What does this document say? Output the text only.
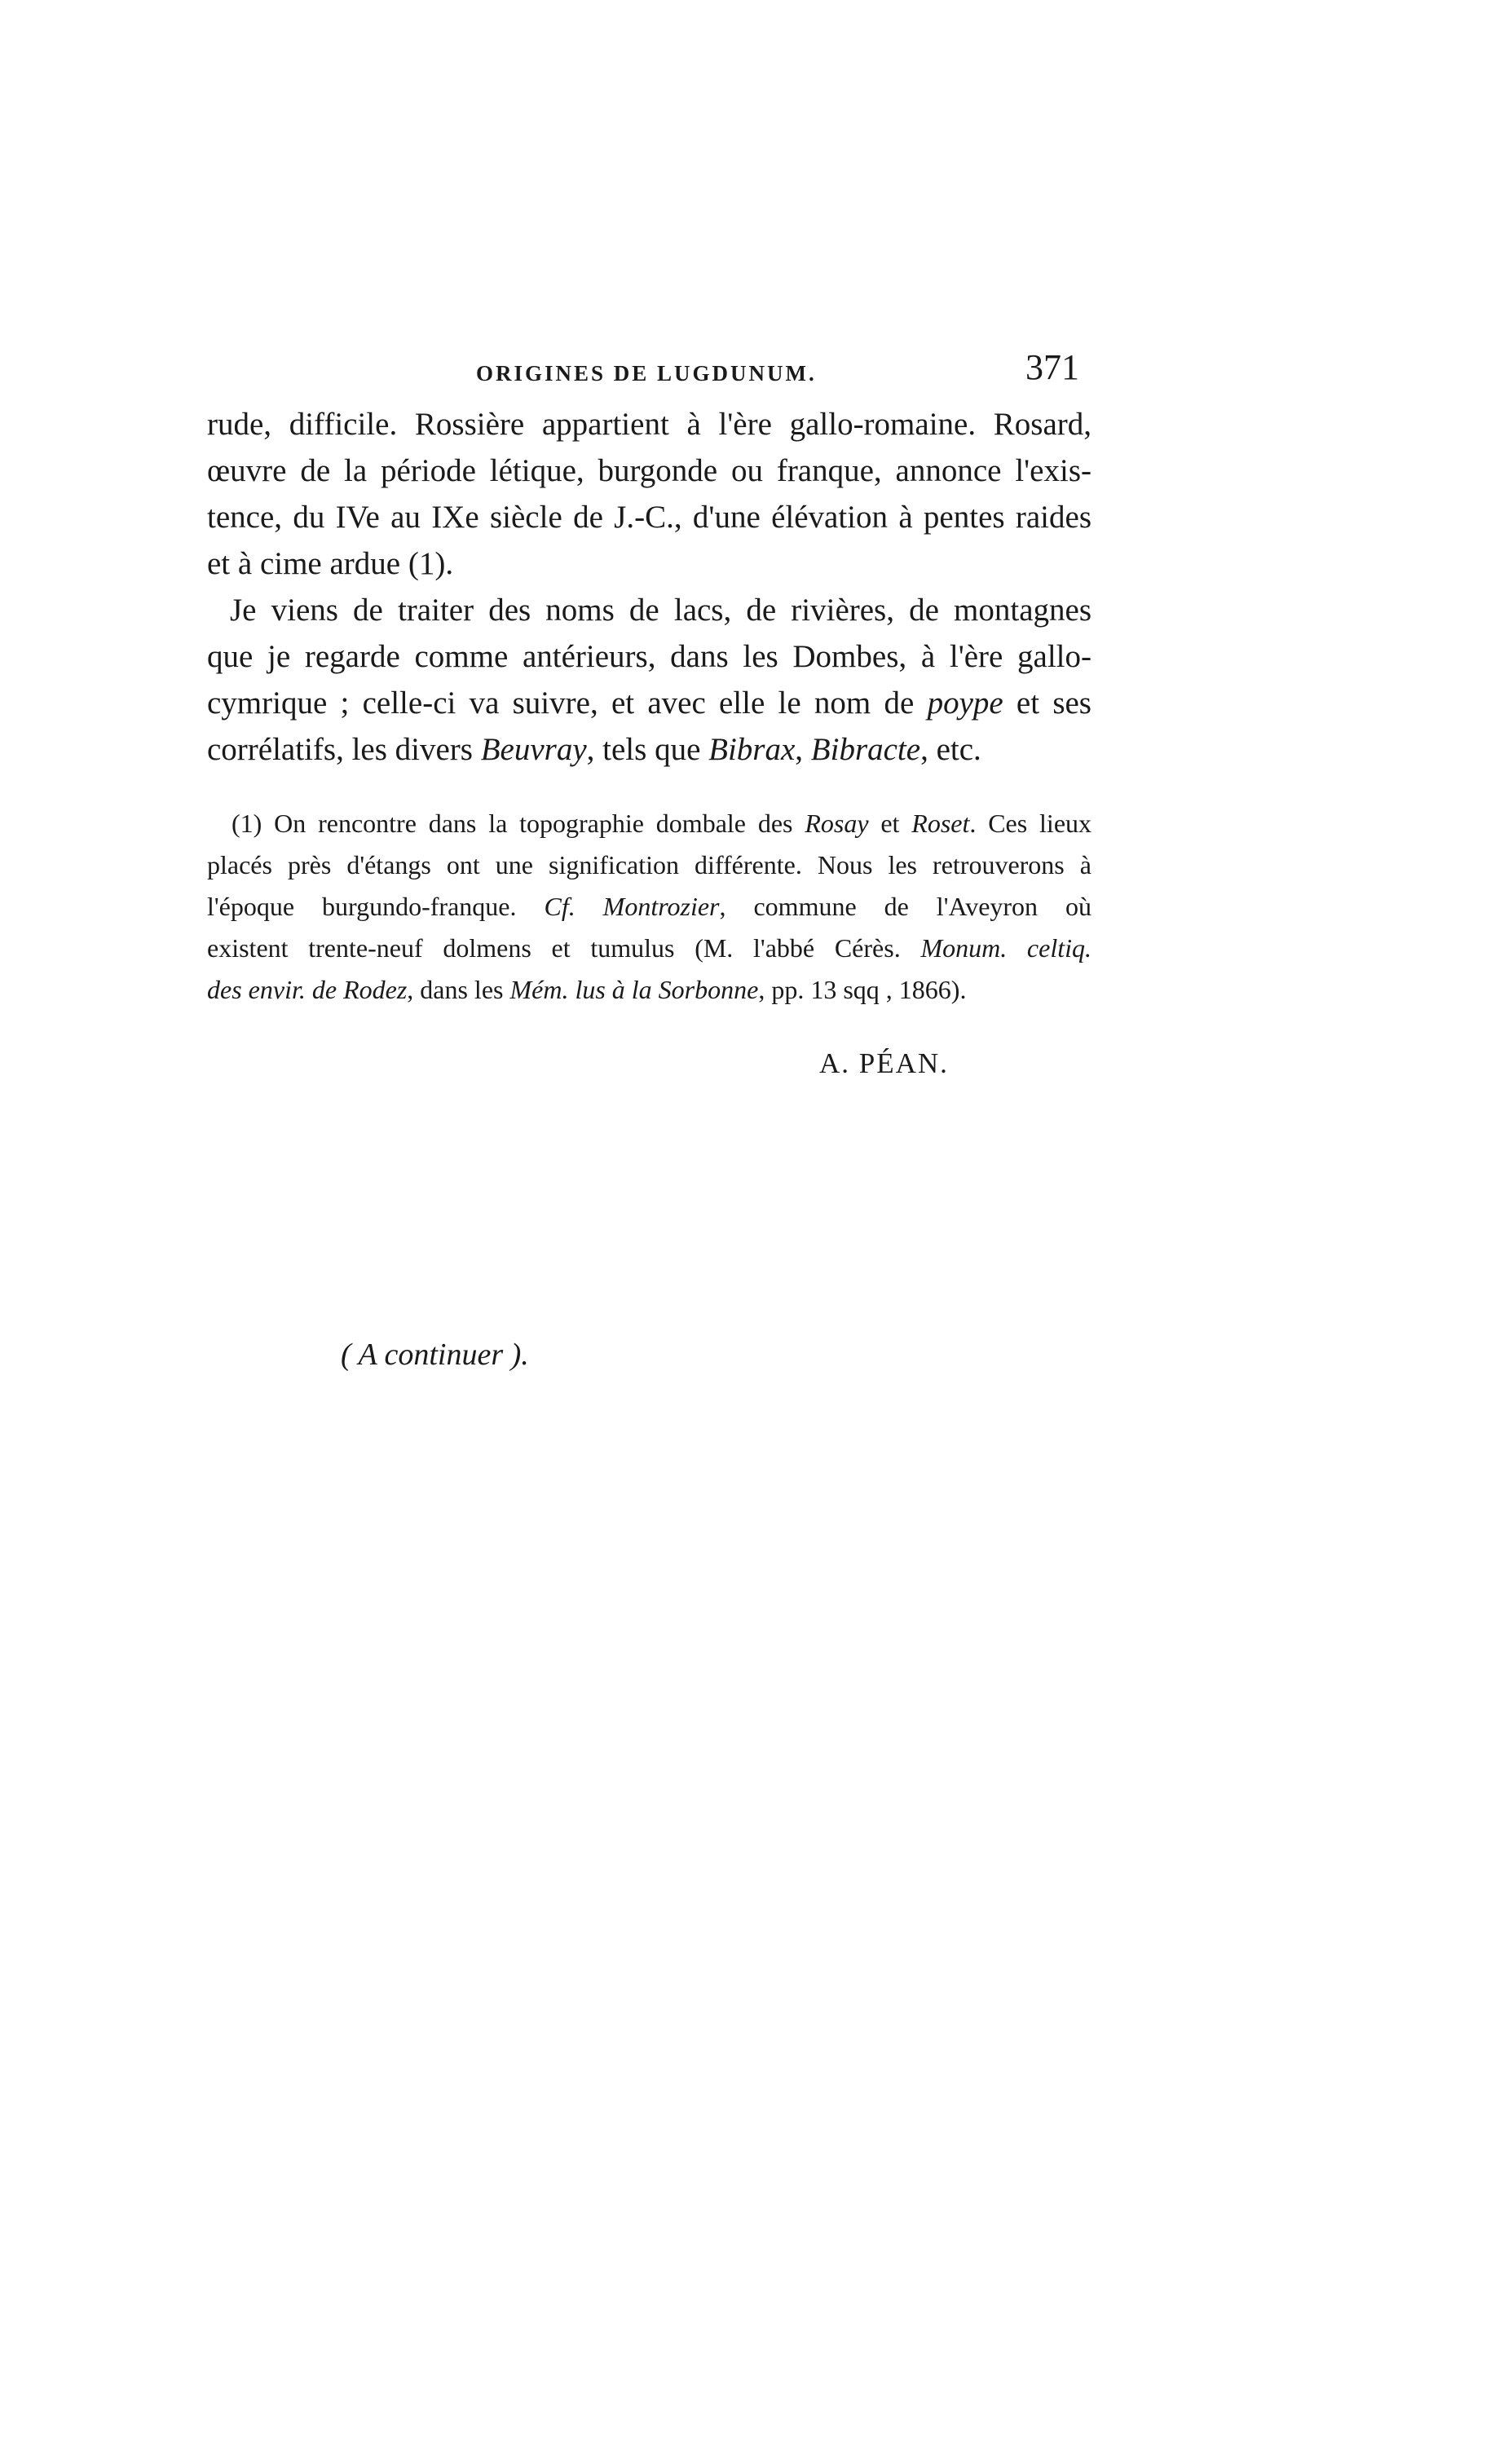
ORIGINES DE LUGDUNUM.	371
rude, difficile. Rossière appartient à l'ère gallo-romaine. Rosard,
œuvre de la période létique, burgonde ou franque, annonce l'exis-
tence, du IVe au IXe siècle de J.-C., d'une élévation à pentes raides
et à cime ardue (1).
Je viens de traiter des noms de lacs, de rivières, de montagnes
que je regarde comme antérieurs, dans les Dombes, à l'ère gallo-
cymrique ; celle-ci va suivre, et avec elle le nom de poype et ses
corrélatifs, les divers Beuvray, tels que Bibrax, Bibracte, etc.
(1) On rencontre dans la topographie dombale des Rosay et Roset. Ces lieux
placés près d'étangs ont une signification différente. Nous les retrouverons à
l'époque burgundo-franque. Cf. Montrozier, commune de l'Aveyron où
existent trente-neuf dolmens et tumulus (M. l'abbé Cérès. Monum. celtiq.
des envir. de Rodez, dans les Mém. lus à la Sorbonne, pp. 13 sqq , 1866).
A. PÉAN.
( A continuer ).
